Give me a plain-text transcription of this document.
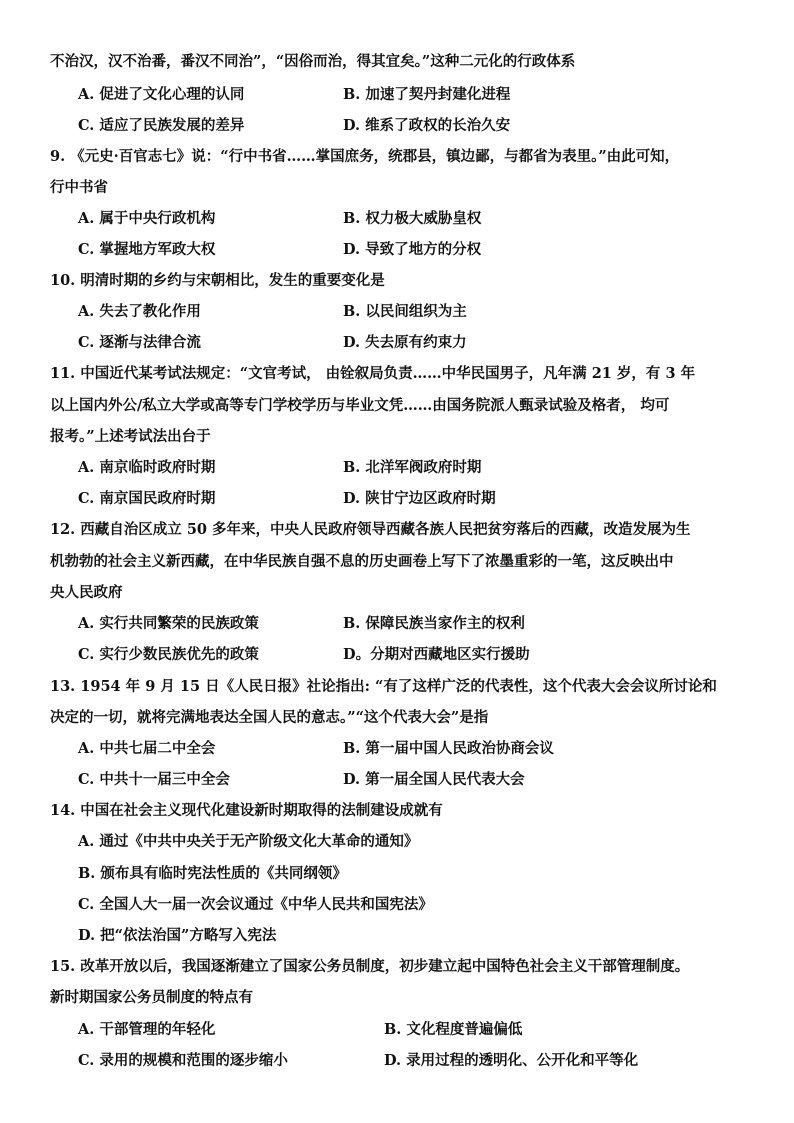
不治汉，汉不治番，番汉不同治”，“因俗而治，得其宜矣。”这种二元化的行政体系
A. 促进了文化心理的认同	B. 加速了契丹封建化进程
C. 适应了民族发展的差异	D. 维系了政权的长治久安
9. 《元史·百官志七》说：“行中书省……掌国庶务，统郡县，镇边鄙，与都省为表里。”由此可知，
行中书省
A. 属于中央行政机构	B. 权力极大威胁皇权
C. 掌握地方军政大权	D. 导致了地方的分权
10. 明清时期的乡约与宋朝相比，发生的重要变化是
A. 失去了教化作用	B. 以民间组织为主
C. 逐渐与法律合流	D. 失去原有约束力
11. 中国近代某考试法规定：“文官考试， 由铨叙局负责……中华民国男子，凡年满 21 岁，有 3 年
以上国内外公/私立大学或高等专门学校学历与毕业文凭……由国务院派人甄录试验及格者， 均可
报考。”上述考试法出台于
A. 南京临时政府时期	B. 北洋军阀政府时期
C. 南京国民政府时期	D. 陕甘宁边区政府时期
12. 西藏自治区成立 50 多年来，中央人民政府领导西藏各族人民把贫穷落后的西藏，改造发展为生
机勃勃的社会主义新西藏，在中华民族自强不息的历史画卷上写下了浓墨重彩的一笔，这反映出中
央人民政府
A. 实行共同繁荣的民族政策	B. 保障民族当家作主的权利
C. 实行少数民族优先的政策	D。分期对西藏地区实行援助
13. 1954 年 9 月 15 日《人民日报》社论指出: “有了这样广泛的代表性，这个代表大会会议所讨论和
决定的一切，就将完满地表达全国人民的意志。”“这个代表大会”是指
A. 中共七届二中全会	B. 第一届中国人民政治协商会议
C. 中共十一届三中全会	D. 第一届全国人民代表大会
14. 中国在社会主义现代化建设新时期取得的法制建设成就有
A. 通过《中共中央关于无产阶级文化大革命的通知》
B. 颁布具有临时宪法性质的《共同纲领》
C. 全国人大一届一次会议通过《中华人民共和国宪法》
D. 把“依法治国”方略写入宪法
15. 改革开放以后，我国逐渐建立了国家公务员制度，初步建立起中国特色社会主义干部管理制度。
新时期国家公务员制度的特点有
A. 干部管理的年轻化	B. 文化程度普遍偏低
C. 录用的规模和范围的逐步缩小	D. 录用过程的透明化、公开化和平等化
